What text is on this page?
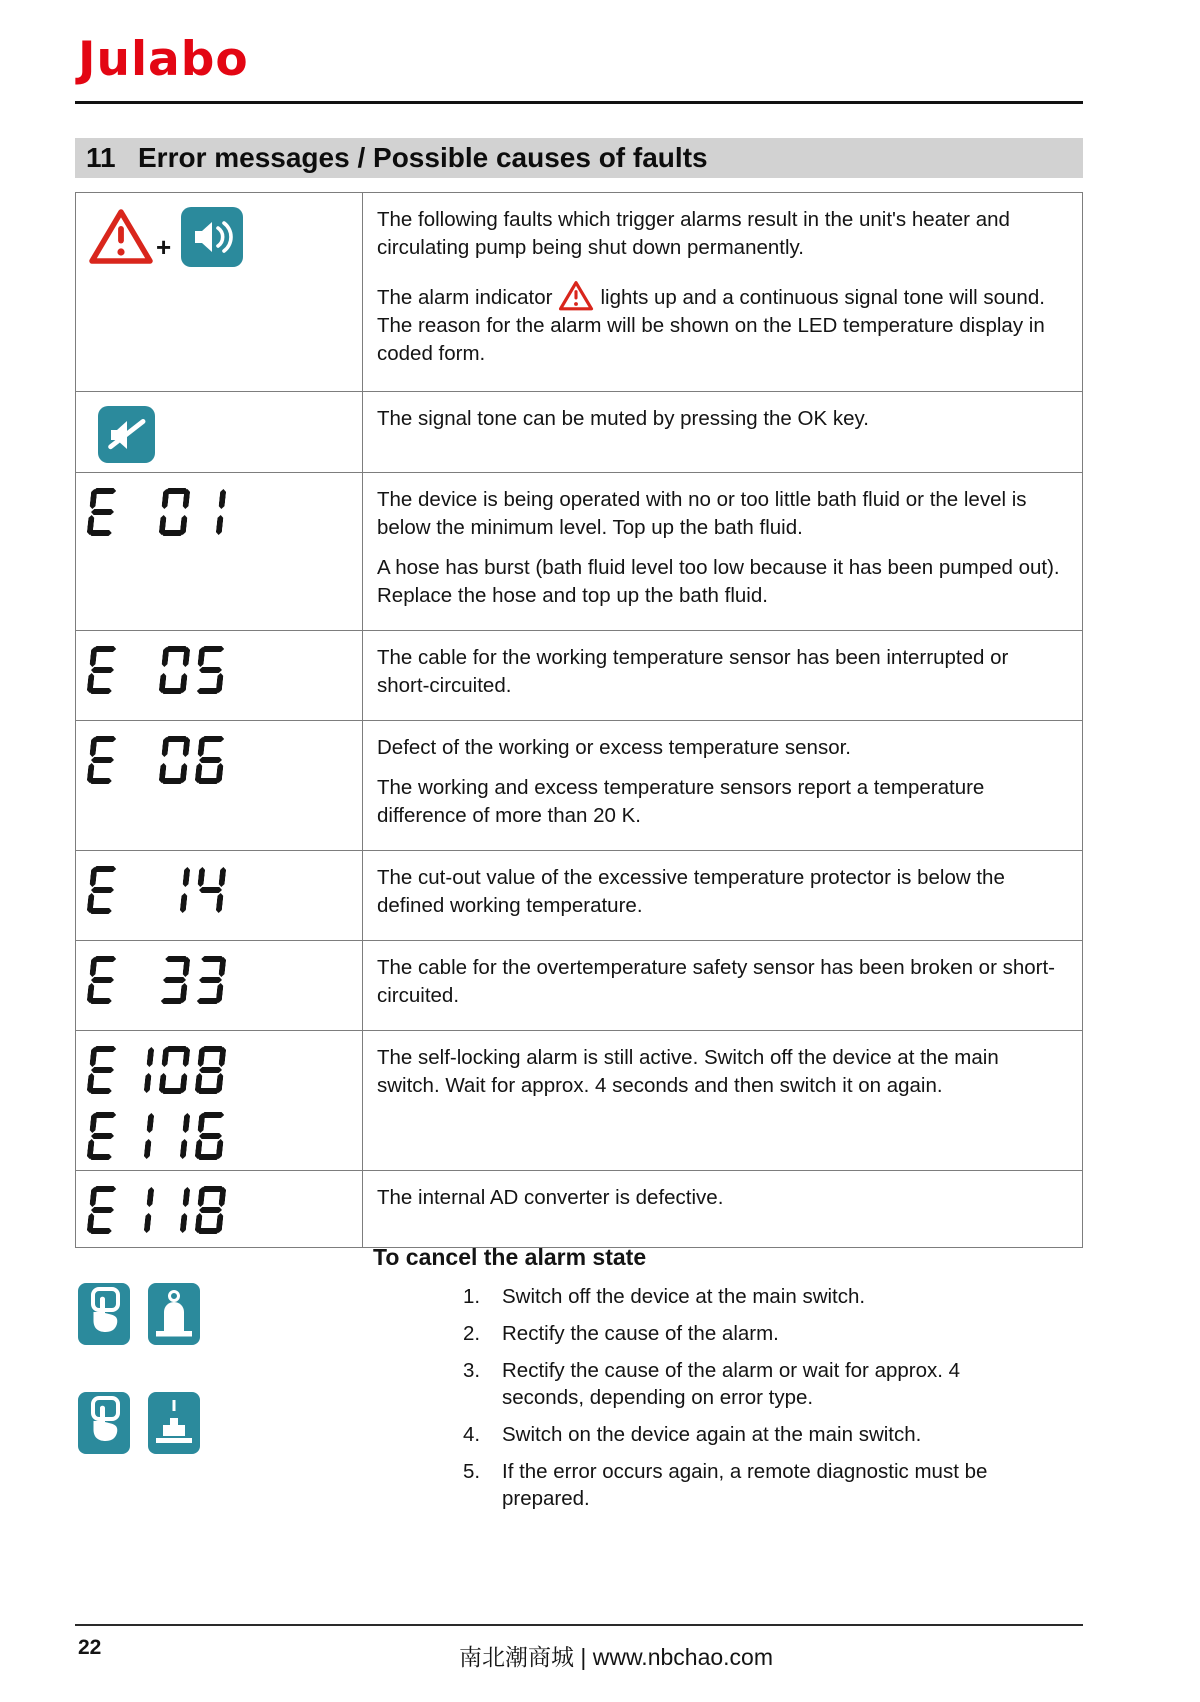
Julabo
11 Error messages / Possible causes of faults
+	The following faults which trigger alarms result in the unit's heater and circulating pump being shut down permanently.

The alarm indicator lights up and a continuous signal tone will sound. The reason for the alarm will be shown on the LED temperature display in coded form.

The signal tone can be muted by pressing the OK key.

	The device is being operated with no or too little bath fluid or the level is below the minimum level. Top up the bath fluid.

A hose has burst (bath fluid level too low because it has been pumped out). Replace the hose and top up the bath fluid.

	The cable for the working temperature sensor has been interrupted or short-circuited.

	Defect of the working or excess temperature sensor.

The working and excess temperature sensors report a temperature difference of more than 20 K.

	The cut-out value of the excessive temperature protector is below the defined working temperature.

	The cable for the overtemperature safety sensor has been broken or short-circuited.

	The self-locking alarm is still active. Switch off the device at the main switch. Wait for approx. 4 seconds and then switch it on again.

	The internal AD converter is defective.

To cancel the alarm state
1.	Switch off the device at the main switch.
2.	Rectify the cause of the alarm.
3.	Rectify the cause of the alarm or wait for approx. 4 seconds, depending on error type.
4.	Switch on the device again at the main switch.
5.	If the error occurs again, a remote diagnostic must be prepared.
22	南北潮商城 | www.nbchao.com
